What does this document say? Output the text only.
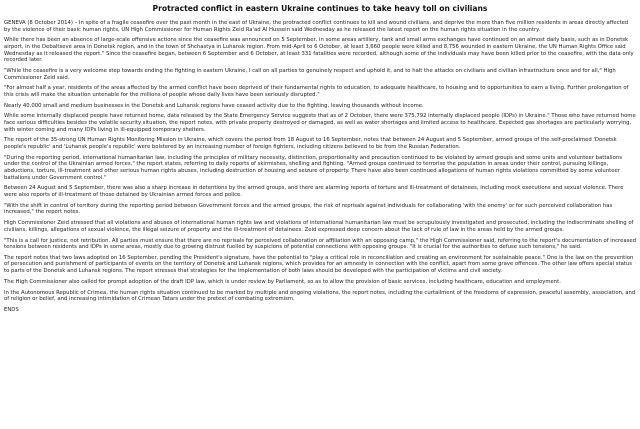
Protracted conflict in eastern Ukraine continues to take heavy toll on civilians

GENEVA (8 October 2014) – In spite of a fragile ceasefire over the past month in the east of Ukraine, the protracted conflict continues to kill and wound civilians, and deprive the more than five million residents in areas directly affected by the violence of their basic human rights, UN High Commissioner for Human Rights Zeid Ra'ad Al Hussein said Wednesday as he released the latest report on the human rights situation in the country.

While there has been an absence of large-scale offensive actions since the ceasefire was announced on 5 September, in some areas artillery, tank and small arms exchanges have continued on an almost daily basis, such as in Donetsk airport, in the Debaltseve area in Donetsk region, and in the town of Shchastya in Luhansk region. From mid-April to 6 October, at least 3,660 people were killed and 8,756 wounded in eastern Ukraine, the UN Human Rights Office said Wednesday as it released the report." Since the ceasefire began, between 6 September and 6 October, at least 331 fatalities were recorded, although some of the individuals may have been killed prior to the ceasefire, with the data only recorded later.

"While the ceasefire is a very welcome step towards ending the fighting in eastern Ukraine, I call on all parties to genuinely respect and uphold it, and to halt the attacks on civilians and civilian infrastructure once and for all," High Commissioner Zeid said.

"For almost half a year, residents of the areas affected by the armed conflict have been deprived of their fundamental rights to education, to adequate healthcare, to housing and to opportunities to earn a living. Further prolongation of this crisis will make the situation untenable for the millions of people whose daily lives have been seriously disrupted."

Nearly 40,000 small and medium businesses in the Donetsk and Luhansk regions have ceased activity due to the fighting, leaving thousands without income.

While some internally displaced people have returned home, data released by the State Emergency Service suggests that as of 2 October, there were 375,792 internally displaced people (IDPs) in Ukraine." Those who have returned home face serious difficulties besides the volatile security situation, the report notes, with private property destroyed or damaged, as well as water shortages and limited access to healthcare. Expected gas shortages are particularly worrying, with winter coming and many IDPs living in ill-equipped temporary shelters.

The report of the 35-strong UN Human Rights Monitoring Mission in Ukraine, which covers the period from 18 August to 16 September, notes that between 24 August and 5 September, armed groups of the self-proclaimed 'Donetsk people's republic' and 'Luhansk people's republic' were bolstered by an increasing number of foreign fighters, including citizens believed to be from the Russian Federation.

"During the reporting period, international humanitarian law, including the principles of military necessity, distinction, proportionality and precaution continued to be violated by armed groups and some units and volunteer battalions under the control of the Ukrainian armed forces," the report states, referring to daily reports of skirmishes, shelling and fighting. "Armed groups continued to terrorise the population in areas under their control, pursuing killings, abductions, torture, ill-treatment and other serious human rights abuses, including destruction of housing and seizure of property. There have also been continued allegations of human rights violations committed by some volunteer battalions under Government control."

Between 24 August and 5 September, there was also a sharp increase in detentions by the armed groups, and there are alarming reports of torture and ill-treatment of detainees, including mock executions and sexual violence. There were also reports of ill-treatment of those detained by Ukrainian armed forces and police.

"With the shift in control of territory during the reporting period between Government forces and the armed groups, the risk of reprisals against individuals for collaborating 'with the enemy' or for such perceived collaboration has increased," the report notes.

High Commissioner Zeid stressed that all violations and abuses of international human rights law and violations of international humanitarian law must be scrupulously investigated and prosecuted, including the indiscriminate shelling of civilians, killings, allegations of sexual violence, the illegal seizure of property and the ill-treatment of detainees. Zeid expressed deep concern about the lack of rule of law in the areas held by the armed groups.

"This is a call for justice, not retribution. All parties must ensure that there are no reprisals for perceived collaboration or affiliation with an opposing camp," the High Commissioner said, referring to the report's documentation of increased tensions between residents and IDPs in some areas, mostly due to growing distrust fuelled by suspicions of potential connections with opposing groups. "It is crucial for the authorities to defuse such tensions," he said.

The report notes that two laws adopted on 16 September, pending the President's signature, have the potential to "play a critical role in reconciliation and creating an environment for sustainable peace." One is the law on the prevention of persecution and punishment of participants of events on the territory of Donetsk and Luhansk regions, which provides for an amnesty in connection with the conflict, apart from some grave offences. The other law offers special status to parts of the Donetsk and Luhansk regions. The report stresses that strategies for the implementation of both laws should be developed with the participation of victims and civil society.

The High Commissioner also called for prompt adoption of the draft IDP law, which is under review by Parliament, so as to allow the provision of basic services, including healthcare, education and employment.

In the Autonomous Republic of Crimea, the human rights situation continued to be marked by multiple and ongoing violations, the report notes, including the curtailment of the freedoms of expression, peaceful assembly, association, and of religion or belief, and increasing intimidation of Crimean Tatars under the pretext of combating extremism.

ENDS
